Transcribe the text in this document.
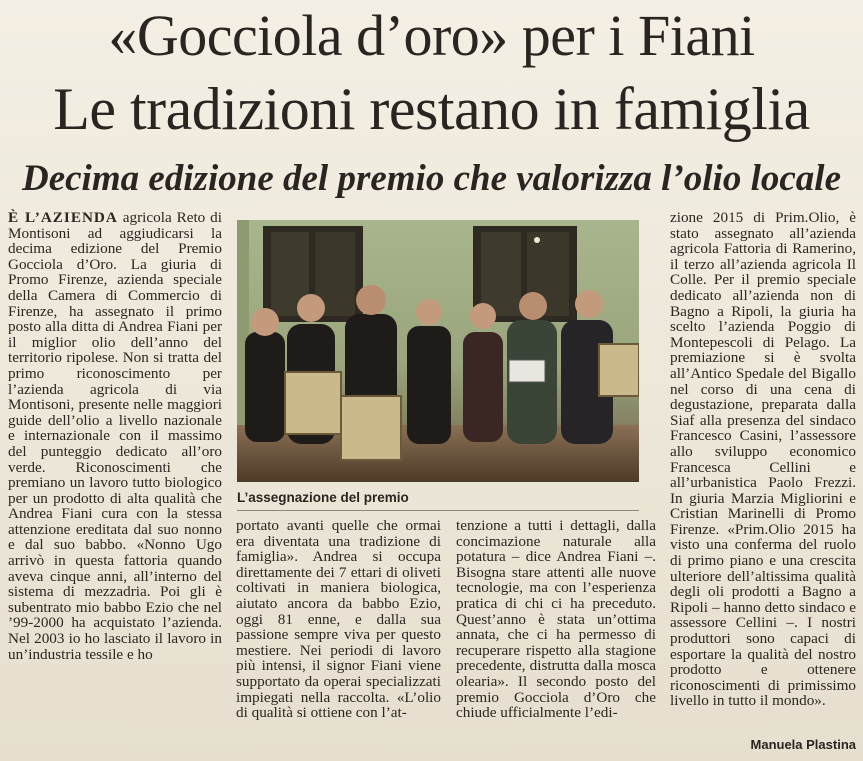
«Gocciola d’oro» per i Fiani
Le tradizioni restano in famiglia
Decima edizione del premio che valorizza l’olio locale

È L’AZIENDA agricola Reto di Montisoni ad aggiudicarsi la decima edizione del Premio Gocciola d’Oro. La giuria di Promo Firenze, azienda speciale della Camera di Commercio di Firenze, ha assegnato il primo posto alla ditta di Andrea Fiani per il miglior olio dell’anno del territorio ripolese. Non si tratta del primo riconoscimento per l’azienda agricola di via Montisoni, presente nelle maggiori guide dell’olio a livello nazionale e internazionale con il massimo del punteggio dedicato all’oro verde. Riconoscimenti che premiano un lavoro tutto biologico per un prodotto di alta qualità che Andrea Fiani cura con la stessa attenzione ereditata dal suo nonno e dal suo babbo. «Nonno Ugo arrivò in questa fattoria quando aveva cinque anni, all’interno del sistema di mezzadria. Poi gli è subentrato mio babbo Ezio che nel ’99-2000 ha acquistato l’azienda. Nel 2003 io ho lasciato il lavoro in un’industria tessile e ho

L’assegnazione del premio

portato avanti quelle che ormai era diventata una tradizione di famiglia». Andrea si occupa direttamente dei 7 ettari di oliveti coltivati in maniera biologica, aiutato ancora da babbo Ezio, oggi 81 enne, e dalla sua passione sempre viva per questo mestiere. Nei periodi di lavoro più intensi, il signor Fiani viene supportato da operai specializzati impiegati nella raccolta. «L’olio di qualità si ottiene con l’at-

tenzione a tutti i dettagli, dalla concimazione naturale alla potatura – dice Andrea Fiani –. Bisogna stare attenti alle nuove tecnologie, ma con l’esperienza pratica di chi ci ha preceduto. Quest’anno è stata un’ottima annata, che ci ha permesso di recuperare rispetto alla stagione precedente, distrutta dalla mosca olearia». Il secondo posto del premio Gocciola d’Oro che chiude ufficialmente l’edi-

zione 2015 di Prim.Olio, è stato assegnato all’azienda agricola Fattoria di Ramerino, il terzo all’azienda agricola Il Colle. Per il premio speciale dedicato all’azienda non di Bagno a Ripoli, la giuria ha scelto l’azienda Poggio di Montepescoli di Pelago. La premiazione si è svolta all’Antico Spedale del Bigallo nel corso di una cena di degustazione, preparata dalla Siaf alla presenza del sindaco Francesco Casini, l’assessore allo sviluppo economico Francesca Cellini e all’urbanistica Paolo Frezzi. In giuria Marzia Migliorini e Cristian Marinelli di Promo Firenze. «Prim.Olio 2015 ha visto una conferma del ruolo di primo piano e una crescita ulteriore dell’altissima qualità degli oli prodotti a Bagno a Ripoli – hanno detto sindaco e assessore Cellini –. I nostri produttori sono capaci di esportare la qualità del nostro prodotto e ottenere riconoscimenti di primissimo livello in tutto il mondo».

Manuela Plastina
